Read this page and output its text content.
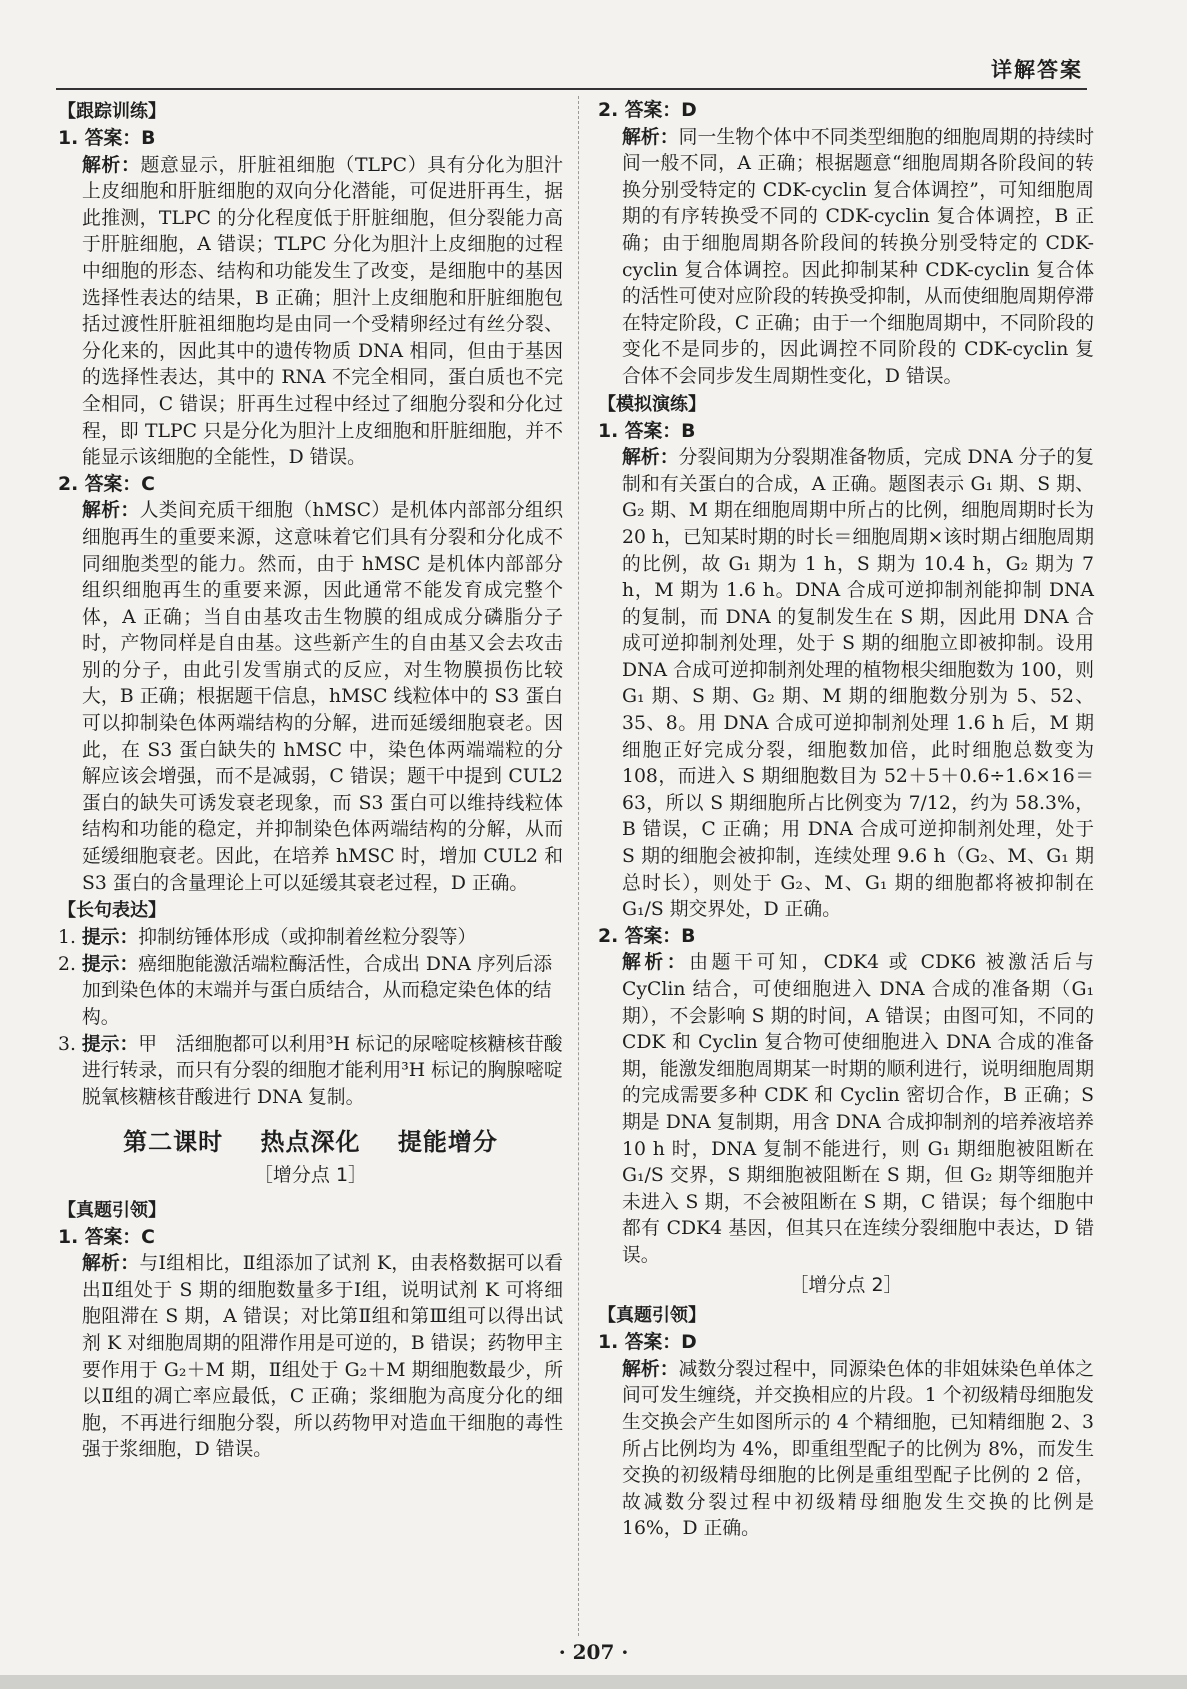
详解答案
【跟踪训练】
1. 答案：B
解析：题意显示，肝脏祖细胞（TLPC）具有分化为胆汁上皮细胞和肝脏细胞的双向分化潜能，可促进肝再生，据此推测，TLPC 的分化程度低于肝脏细胞，但分裂能力高于肝脏细胞，A 错误；TLPC 分化为胆汁上皮细胞的过程中细胞的形态、结构和功能发生了改变，是细胞中的基因选择性表达的结果，B 正确；胆汁上皮细胞和肝脏细胞包括过渡性肝脏祖细胞均是由同一个受精卵经过有丝分裂、分化来的，因此其中的遗传物质 DNA 相同，但由于基因的选择性表达，其中的 RNA 不完全相同，蛋白质也不完全相同，C 错误；肝再生过程中经过了细胞分裂和分化过程，即 TLPC 只是分化为胆汁上皮细胞和肝脏细胞，并不能显示该细胞的全能性，D 错误。
2. 答案：C
解析：人类间充质干细胞（hMSC）是机体内部部分组织细胞再生的重要来源，这意味着它们具有分裂和分化成不同细胞类型的能力。然而，由于 hMSC 是机体内部部分组织细胞再生的重要来源，因此通常不能发育成完整个体，A 正确；当自由基攻击生物膜的组成成分磷脂分子时，产物同样是自由基。这些新产生的自由基又会去攻击别的分子，由此引发雪崩式的反应，对生物膜损伤比较大，B 正确；根据题干信息，hMSC 线粒体中的 S3 蛋白可以抑制染色体两端结构的分解，进而延缓细胞衰老。因此，在 S3 蛋白缺失的 hMSC 中，染色体两端端粒的分解应该会增强，而不是减弱，C 错误；题干中提到 CUL2 蛋白的缺失可诱发衰老现象，而 S3 蛋白可以维持线粒体结构和功能的稳定，并抑制染色体两端结构的分解，从而延缓细胞衰老。因此，在培养 hMSC 时，增加 CUL2 和 S3 蛋白的含量理论上可以延缓其衰老过程，D 正确。
【长句表达】
1. 提示：抑制纺锤体形成（或抑制着丝粒分裂等）
2. 提示：癌细胞能激活端粒酶活性，合成出 DNA 序列后添加到染色体的末端并与蛋白质结合，从而稳定染色体的结构。
3. 提示：甲　活细胞都可以利用³H 标记的尿嘧啶核糖核苷酸进行转录，而只有分裂的细胞才能利用³H 标记的胸腺嘧啶脱氧核糖核苷酸进行 DNA 复制。
第二课时 热点深化 提能增分
［增分点 1］
【真题引领】
1. 答案：C
解析：与Ⅰ组相比，Ⅱ组添加了试剂 K，由表格数据可以看出Ⅱ组处于 S 期的细胞数量多于Ⅰ组，说明试剂 K 可将细胞阻滞在 S 期，A 错误；对比第Ⅱ组和第Ⅲ组可以得出试剂 K 对细胞周期的阻滞作用是可逆的，B 错误；药物甲主要作用于 G₂＋M 期，Ⅱ组处于 G₂＋M 期细胞数最少，所以Ⅱ组的凋亡率应最低，C 正确；浆细胞为高度分化的细胞，不再进行细胞分裂，所以药物甲对造血干细胞的毒性强于浆细胞，D 错误。
2. 答案：D
解析：同一生物个体中不同类型细胞的细胞周期的持续时间一般不同，A 正确；根据题意“细胞周期各阶段间的转换分别受特定的 CDK-cyclin 复合体调控”，可知细胞周期的有序转换受不同的 CDK-cyclin 复合体调控，B 正确；由于细胞周期各阶段间的转换分别受特定的 CDK-cyclin 复合体调控。因此抑制某种 CDK-cyclin 复合体的活性可使对应阶段的转换受抑制，从而使细胞周期停滞在特定阶段，C 正确；由于一个细胞周期中，不同阶段的变化不是同步的，因此调控不同阶段的 CDK-cyclin 复合体不会同步发生周期性变化，D 错误。
【模拟演练】
1. 答案：B
解析：分裂间期为分裂期准备物质，完成 DNA 分子的复制和有关蛋白的合成，A 正确。题图表示 G₁ 期、S 期、G₂ 期、M 期在细胞周期中所占的比例，细胞周期时长为 20 h，已知某时期的时长＝细胞周期×该时期占细胞周期的比例，故 G₁ 期为 1 h，S 期为 10.4 h，G₂ 期为 7 h，M 期为 1.6 h。DNA 合成可逆抑制剂能抑制 DNA 的复制，而 DNA 的复制发生在 S 期，因此用 DNA 合成可逆抑制剂处理，处于 S 期的细胞立即被抑制。设用 DNA 合成可逆抑制剂处理的植物根尖细胞数为 100，则 G₁ 期、S 期、G₂ 期、M 期的细胞数分别为 5、52、35、8。用 DNA 合成可逆抑制剂处理 1.6 h 后，M 期细胞正好完成分裂，细胞数加倍，此时细胞总数变为 108，而进入 S 期细胞数目为 52＋5＋0.6÷1.6×16＝63，所以 S 期细胞所占比例变为 7/12，约为 58.3%，B 错误，C 正确；用 DNA 合成可逆抑制剂处理，处于 S 期的细胞会被抑制，连续处理 9.6 h（G₂、M、G₁ 期总时长），则处于 G₂、M、G₁ 期的细胞都将被抑制在 G₁/S 期交界处，D 正确。
2. 答案：B
解析：由题干可知，CDK4 或 CDK6 被激活后与 CyClin 结合，可使细胞进入 DNA 合成的准备期（G₁ 期），不会影响 S 期的时间，A 错误；由图可知，不同的 CDK 和 Cyclin 复合物可使细胞进入 DNA 合成的准备期，能激发细胞周期某一时期的顺利进行，说明细胞周期的完成需要多种 CDK 和 Cyclin 密切合作，B 正确；S 期是 DNA 复制期，用含 DNA 合成抑制剂的培养液培养 10 h 时，DNA 复制不能进行，则 G₁ 期细胞被阻断在 G₁/S 交界，S 期细胞被阻断在 S 期，但 G₂ 期等细胞并未进入 S 期，不会被阻断在 S 期，C 错误；每个细胞中都有 CDK4 基因，但其只在连续分裂细胞中表达，D 错误。
［增分点 2］
【真题引领】
1. 答案：D
解析：减数分裂过程中，同源染色体的非姐妹染色单体之间可发生缠绕，并交换相应的片段。1 个初级精母细胞发生交换会产生如图所示的 4 个精细胞，已知精细胞 2、3 所占比例均为 4%，即重组型配子的比例为 8%，而发生交换的初级精母细胞的比例是重组型配子比例的 2 倍，故减数分裂过程中初级精母细胞发生交换的比例是 16%，D 正确。
· 207 ·
